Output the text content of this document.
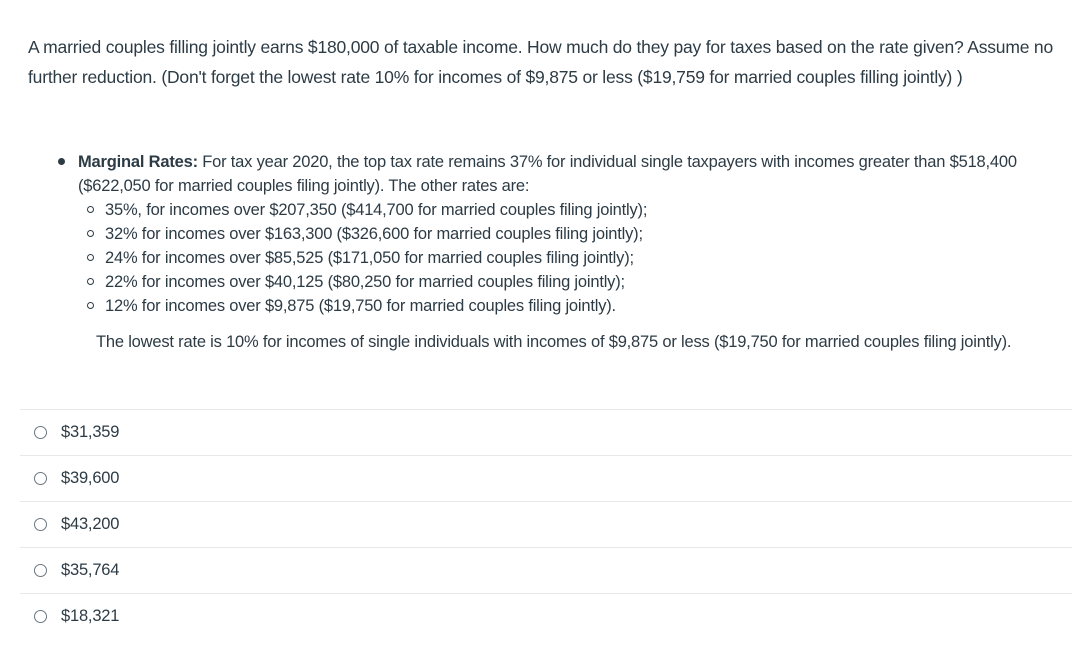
A married couples filling jointly earns $180,000 of taxable income. How much do they pay for taxes based on the rate given? Assume no further reduction. (Don't forget the lowest rate 10% for incomes of $9,875 or less ($19,759 for married couples filling jointly) )
Marginal Rates: For tax year 2020, the top tax rate remains 37% for individual single taxpayers with incomes greater than $518,400 ($622,050 for married couples filing jointly). The other rates are:
35%, for incomes over $207,350 ($414,700 for married couples filing jointly);
32% for incomes over $163,300 ($326,600 for married couples filing jointly);
24% for incomes over $85,525 ($171,050 for married couples filing jointly);
22% for incomes over $40,125 ($80,250 for married couples filing jointly);
12% for incomes over $9,875 ($19,750 for married couples filing jointly).

The lowest rate is 10% for incomes of single individuals with incomes of $9,875 or less ($19,750 for married couples filing jointly).

$31,359
$39,600
$43,200
$35,764
$18,321
